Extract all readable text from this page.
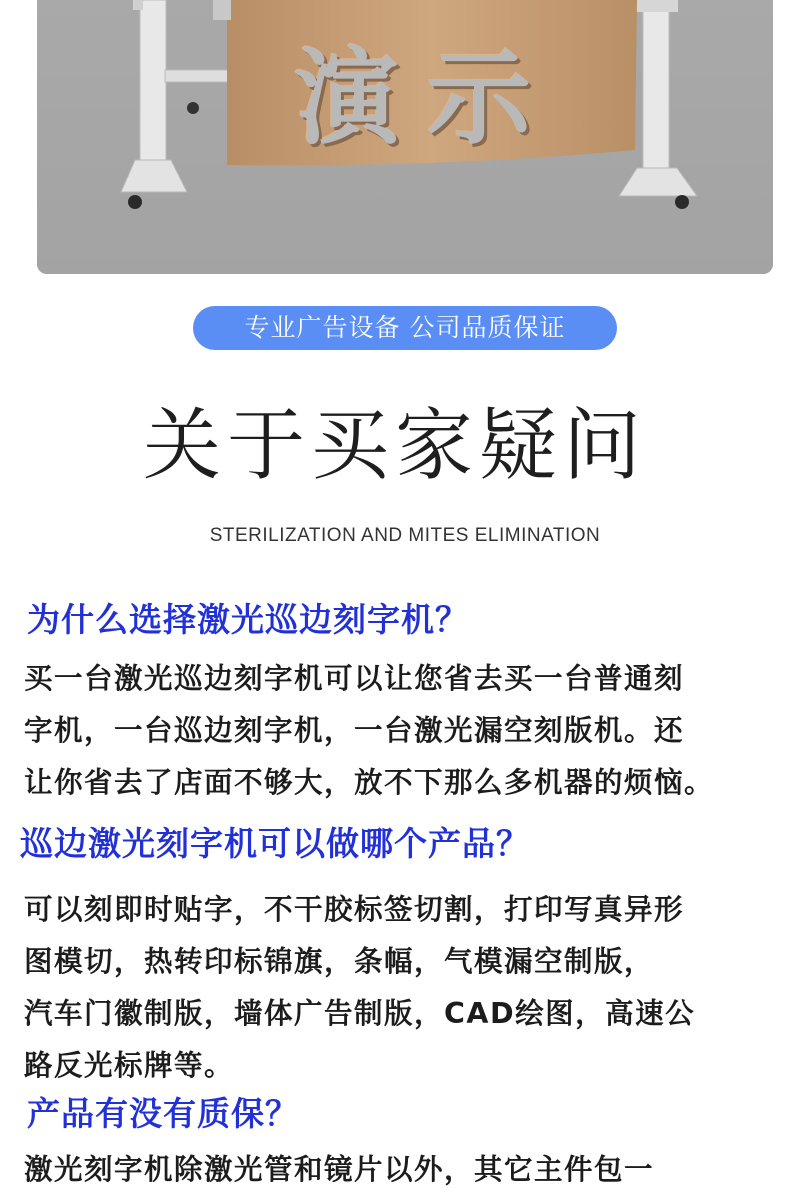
演示
专业广告设备 公司品质保证
关于买家疑问
STERILIZATION AND MITES ELIMINATION
为什么选择激光巡边刻字机？
买一台激光巡边刻字机可以让您省去买一台普通刻
字机，一台巡边刻字机，一台激光漏空刻版机。还
让你省去了店面不够大，放不下那么多机器的烦恼。
巡边激光刻字机可以做哪个产品？
可以刻即时贴字，不干胶标签切割，打印写真异形
图模切，热转印标锦旗，条幅，气模漏空制版，
汽车门徽制版，墙体广告制版，CAD绘图，高速公
路反光标牌等。
产品有没有质保？
激光刻字机除激光管和镜片以外，其它主件包一
